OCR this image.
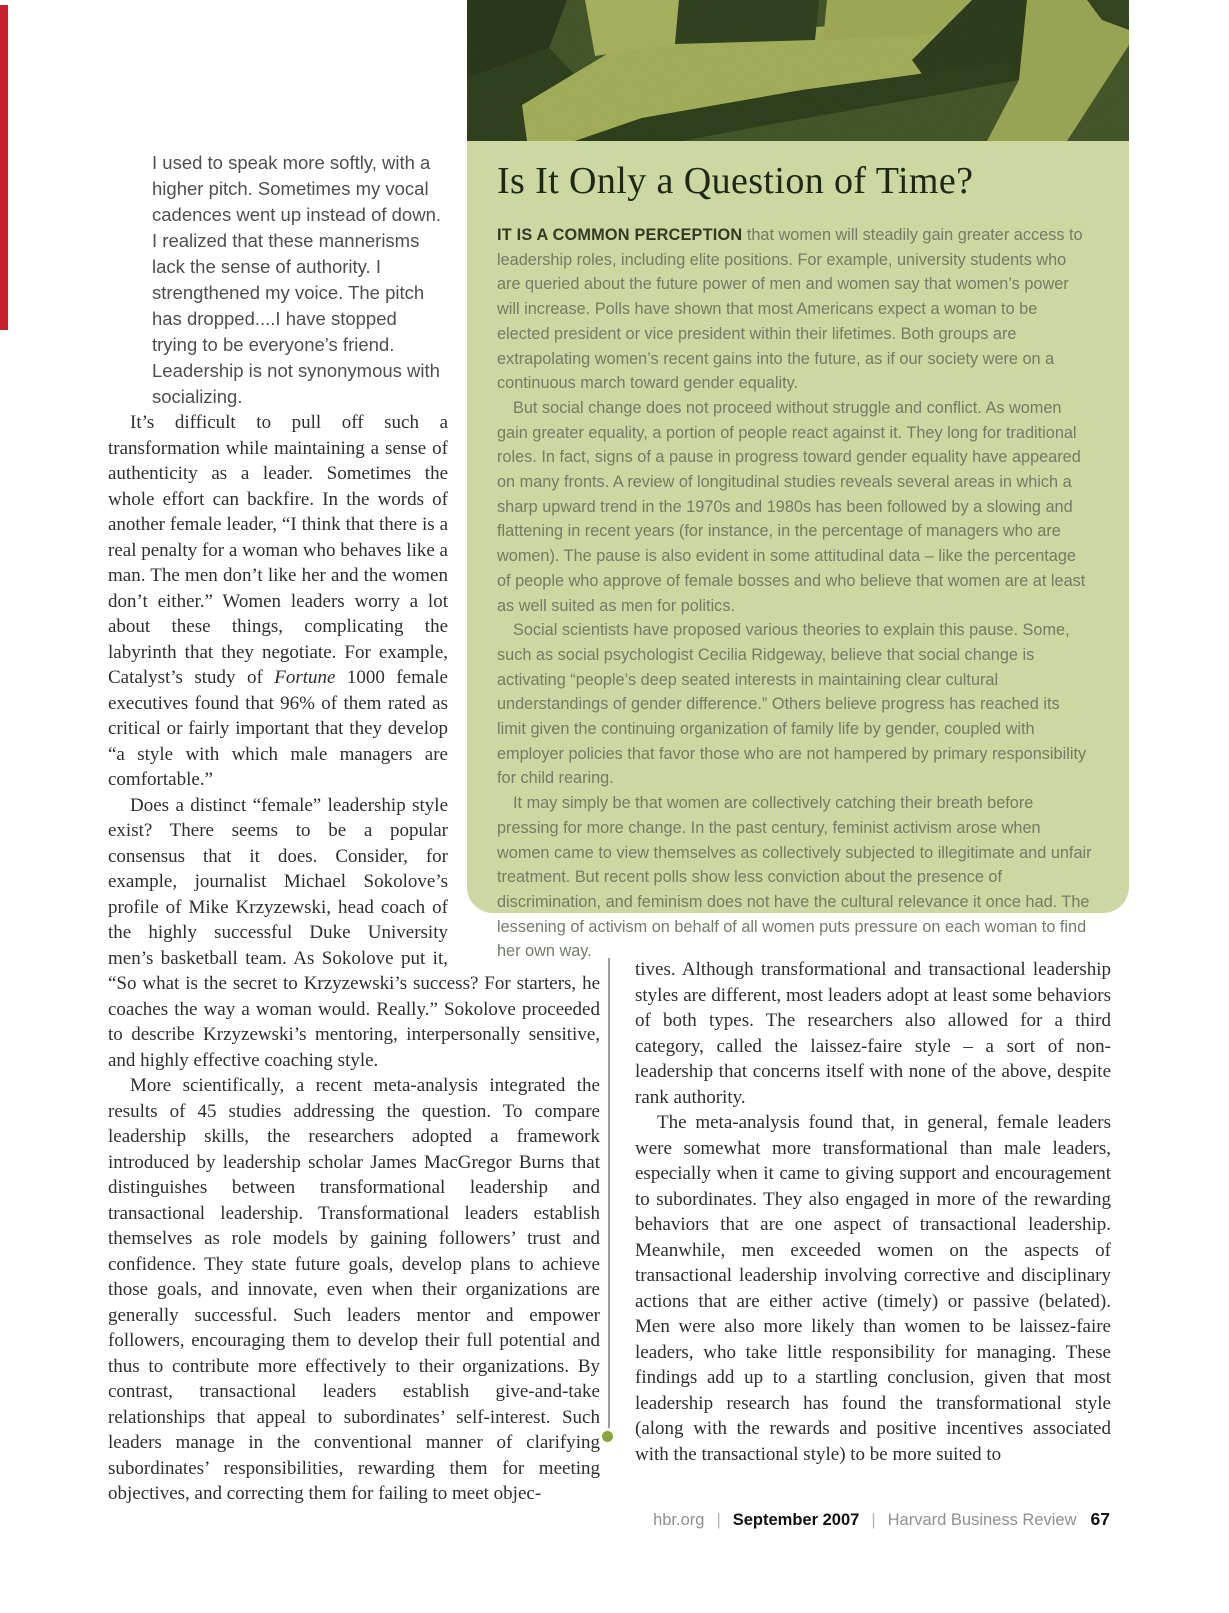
Is It Only a Question of Time?

IT IS A COMMON PERCEPTION that women will steadily gain greater access to leadership roles, including elite positions. For example, university students who are queried about the future power of men and women say that women’s power will increase. Polls have shown that most Americans expect a woman to be elected president or vice president within their lifetimes. Both groups are extrapolating women’s recent gains into the future, as if our society were on a continuous march toward gender equality.

But social change does not proceed without struggle and conflict. As women gain greater equality, a portion of people react against it. They long for traditional roles. In fact, signs of a pause in progress toward gender equality have appeared on many fronts. A review of longitudinal studies reveals several areas in which a sharp upward trend in the 1970s and 1980s has been followed by a slowing and flattening in recent years (for instance, in the percentage of managers who are women). The pause is also evident in some attitudinal data – like the percentage of people who approve of female bosses and who believe that women are at least as well suited as men for politics.

Social scientists have proposed various theories to explain this pause. Some, such as social psychologist Cecilia Ridgeway, believe that social change is activating “people’s deep seated interests in maintaining clear cultural understandings of gender difference.” Others believe progress has reached its limit given the continuing organization of family life by gender, coupled with employer policies that favor those who are not hampered by primary responsibility for child rearing.

It may simply be that women are collectively catching their breath before pressing for more change. In the past century, feminist activism arose when women came to view themselves as collectively subjected to illegitimate and unfair treatment. But recent polls show less conviction about the presence of discrimination, and feminism does not have the cultural relevance it once had. The lessening of activism on behalf of all women puts pressure on each woman to find her own way.

I used to speak more softly, with a higher pitch. Sometimes my vocal cadences went up instead of down. I realized that these mannerisms lack the sense of authority. I strengthened my voice. The pitch has dropped....I have stopped trying to be everyone’s friend. Leadership is not synonymous with socializing.

It’s difficult to pull off such a transformation while maintaining a sense of authenticity as a leader. Sometimes the whole effort can backfire. In the words of another female leader, “I think that there is a real penalty for a woman who behaves like a man. The men don’t like her and the women don’t either.” Women leaders worry a lot about these things, complicating the labyrinth that they negotiate. For example, Catalyst’s study of Fortune 1000 female executives found that 96% of them rated as critical or fairly important that they develop “a style with which male managers are comfortable.”

Does a distinct “female” leadership style exist? There seems to be a popular consensus that it does. Consider, for example, journalist Michael Sokolove’s profile of Mike Krzyzewski, head coach of the highly successful Duke University men’s basketball team. As Sokolove put it, “So what is the secret to Krzyzewski’s success? For starters, he coaches the way a woman would. Really.” Sokolove proceeded to describe Krzyzewski’s mentoring, interpersonally sensitive, and highly effective coaching style.

More scientifically, a recent meta-analysis integrated the results of 45 studies addressing the question. To compare leadership skills, the researchers adopted a framework introduced by leadership scholar James MacGregor Burns that distinguishes between transformational leadership and transactional leadership. Transformational leaders establish themselves as role models by gaining followers’ trust and confidence. They state future goals, develop plans to achieve those goals, and innovate, even when their organizations are generally successful. Such leaders mentor and empower followers, encouraging them to develop their full potential and thus to contribute more effectively to their organizations. By contrast, transactional leaders establish give-and-take relationships that appeal to subordinates’ self-interest. Such leaders manage in the conventional manner of clarifying subordinates’ responsibilities, rewarding them for meeting objectives, and correcting them for failing to meet objec-

tives. Although transformational and transactional leadership styles are different, most leaders adopt at least some behaviors of both types. The researchers also allowed for a third category, called the laissez-faire style – a sort of non-leadership that concerns itself with none of the above, despite rank authority.

The meta-analysis found that, in general, female leaders were somewhat more transformational than male leaders, especially when it came to giving support and encouragement to subordinates. They also engaged in more of the rewarding behaviors that are one aspect of transactional leadership. Meanwhile, men exceeded women on the aspects of transactional leadership involving corrective and disciplinary actions that are either active (timely) or passive (belated). Men were also more likely than women to be laissez-faire leaders, who take little responsibility for managing. These findings add up to a startling conclusion, given that most leadership research has found the transformational style (along with the rewards and positive incentives associated with the transactional style) to be more suited to

hbr.org | September 2007 | Harvard Business Review 67
